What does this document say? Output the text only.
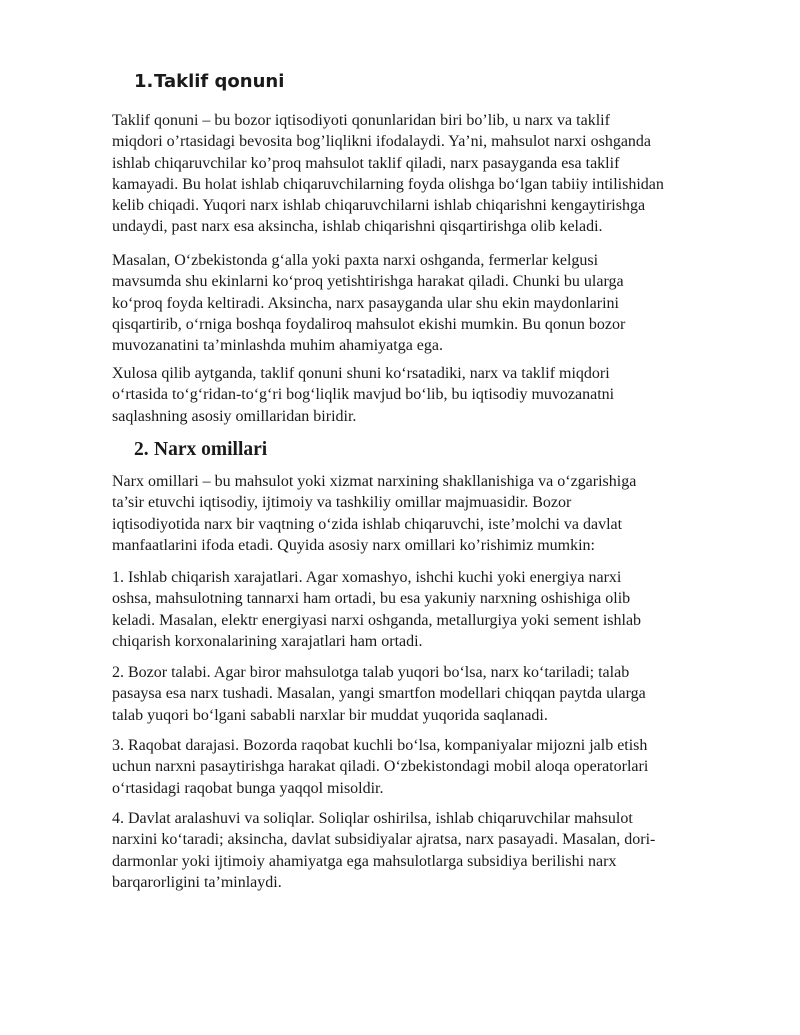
1.Taklif qonuni

Taklif qonuni – bu bozor iqtisodiyoti qonunlaridan biri bo’lib, u narx va taklif
miqdori o’rtasidagi bevosita bog’liqlikni ifodalaydi. Ya’ni, mahsulot narxi oshganda
ishlab chiqaruvchilar ko’proq mahsulot taklif qiladi, narx pasayganda esa taklif
kamayadi. Bu holat ishlab chiqaruvchilarning foyda olishga bo‘lgan tabiiy intilishidan
kelib chiqadi. Yuqori narx ishlab chiqaruvchilarni ishlab chiqarishni kengaytirishga
undaydi, past narx esa aksincha, ishlab chiqarishni qisqartirishga olib keladi.

Masalan, O‘zbekistonda g‘alla yoki paxta narxi oshganda, fermerlar kelgusi
mavsumda shu ekinlarni ko‘proq yetishtirishga harakat qiladi. Chunki bu ularga
ko‘proq foyda keltiradi. Aksincha, narx pasayganda ular shu ekin maydonlarini
qisqartirib, o‘rniga boshqa foydaliroq mahsulot ekishi mumkin. Bu qonun bozor
muvozanatini ta’minlashda muhim ahamiyatga ega.

Xulosa qilib aytganda, taklif qonuni shuni ko‘rsatadiki, narx va taklif miqdori
o‘rtasida to‘g‘ridan-to‘g‘ri bog‘liqlik mavjud bo‘lib, bu iqtisodiy muvozanatni
saqlashning asosiy omillaridan biridir.

2. Narx omillari

Narx omillari – bu mahsulot yoki xizmat narxining shakllanishiga va o‘zgarishiga
ta’sir etuvchi iqtisodiy, ijtimoiy va tashkiliy omillar majmuasidir. Bozor
iqtisodiyotida narx bir vaqtning o‘zida ishlab chiqaruvchi, iste’molchi va davlat
manfaatlarini ifoda etadi. Quyida asosiy narx omillari ko’rishimiz mumkin:

1. Ishlab chiqarish xarajatlari. Agar xomashyo, ishchi kuchi yoki energiya narxi
oshsa, mahsulotning tannarxi ham ortadi, bu esa yakuniy narxning oshishiga olib
keladi. Masalan, elektr energiyasi narxi oshganda, metallurgiya yoki sement ishlab
chiqarish korxonalarining xarajatlari ham ortadi.

2. Bozor talabi. Agar biror mahsulotga talab yuqori bo‘lsa, narx ko‘tariladi; talab
pasaysa esa narx tushadi. Masalan, yangi smartfon modellari chiqqan paytda ularga
talab yuqori bo‘lgani sababli narxlar bir muddat yuqorida saqlanadi.

3. Raqobat darajasi. Bozorda raqobat kuchli bo‘lsa, kompaniyalar mijozni jalb etish
uchun narxni pasaytirishga harakat qiladi. O‘zbekistondagi mobil aloqa operatorlari
o‘rtasidagi raqobat bunga yaqqol misoldir.

4. Davlat aralashuvi va soliqlar. Soliqlar oshirilsa, ishlab chiqaruvchilar mahsulot
narxini ko‘taradi; aksincha, davlat subsidiyalar ajratsa, narx pasayadi. Masalan, dori-
darmonlar yoki ijtimoiy ahamiyatga ega mahsulotlarga subsidiya berilishi narx
barqarorligini ta’minlaydi.
